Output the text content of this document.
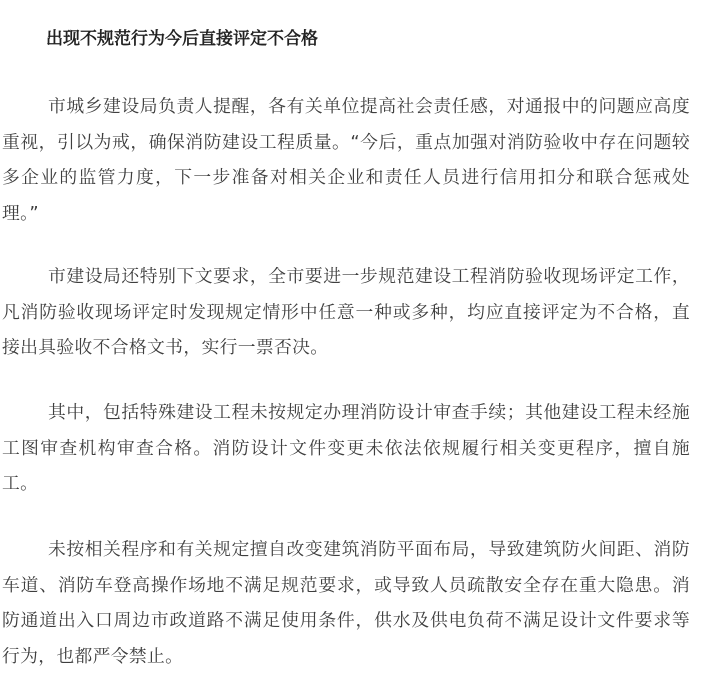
出现不规范行为今后直接评定不合格

市城乡建设局负责人提醒，各有关单位提高社会责任感，对通报中的问题应高度重视，引以为戒，确保消防建设工程质量。“今后，重点加强对消防验收中存在问题较多企业的监管力度，下一步准备对相关企业和责任人员进行信用扣分和联合惩戒处理。”

市建设局还特别下文要求，全市要进一步规范建设工程消防验收现场评定工作，凡消防验收现场评定时发现规定情形中任意一种或多种，均应直接评定为不合格，直接出具验收不合格文书，实行一票否决。

其中，包括特殊建设工程未按规定办理消防设计审查手续；其他建设工程未经施工图审查机构审查合格。消防设计文件变更未依法依规履行相关变更程序，擅自施工。

未按相关程序和有关规定擅自改变建筑消防平面布局，导致建筑防火间距、消防车道、消防车登高操作场地不满足规范要求，或导致人员疏散安全存在重大隐患。消防通道出入口周边市政道路不满足使用条件，供水及供电负荷不满足设计文件要求等行为，也都严令禁止。
